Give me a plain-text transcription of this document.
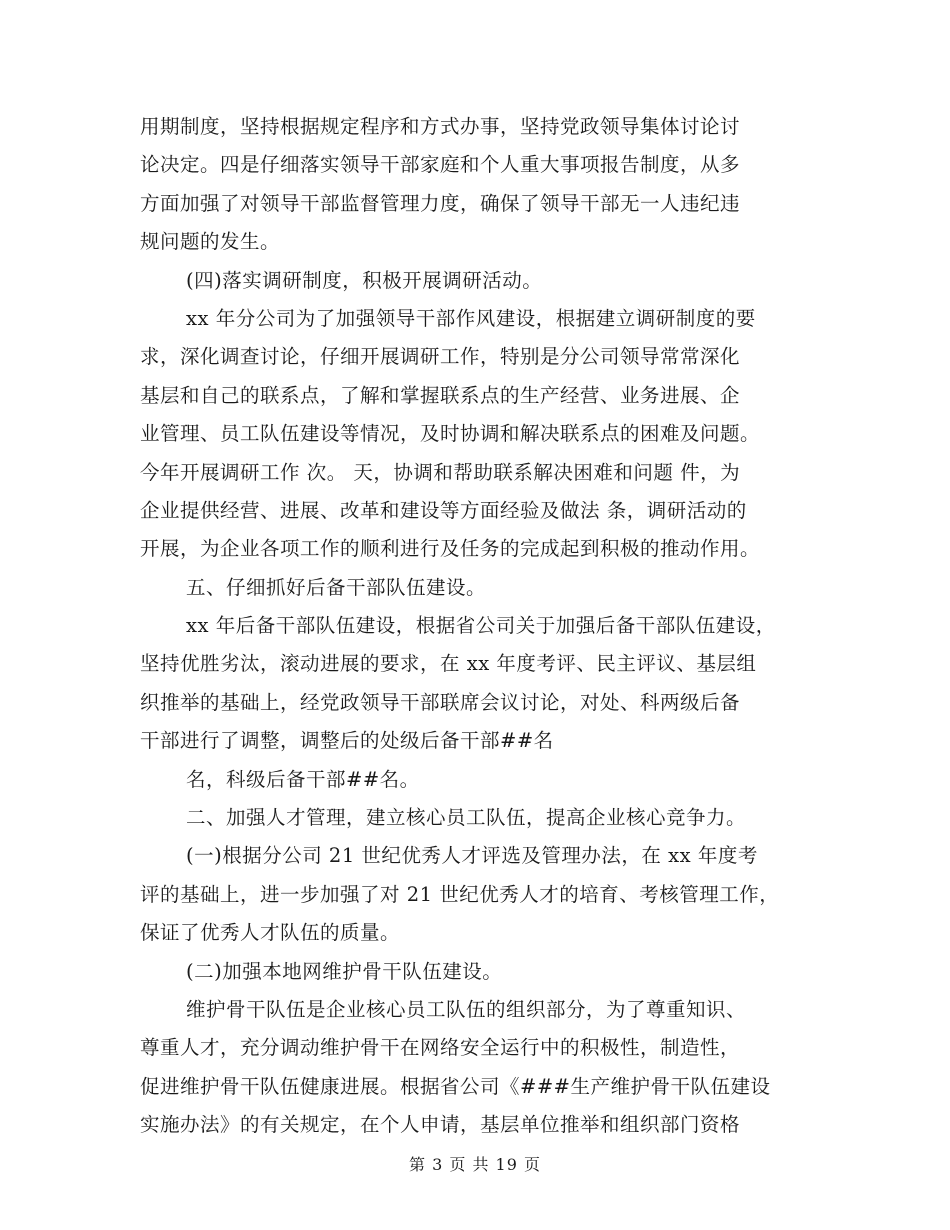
用期制度，坚持根据规定程序和方式办事，坚持党政领导集体讨论讨
论决定。四是仔细落实领导干部家庭和个人重大事项报告制度，从多
方面加强了对领导干部监督管理力度，确保了领导干部无一人违纪违
规问题的发生。
(四)落实调研制度，积极开展调研活动。
xx 年分公司为了加强领导干部作风建设，根据建立调研制度的要
求，深化调查讨论，仔细开展调研工作，特别是分公司领导常常深化
基层和自己的联系点，了解和掌握联系点的生产经营、业务进展、企
业管理、员工队伍建设等情况，及时协调和解决联系点的困难及问题。
今年开展调研工作 次。 天，协调和帮助联系解决困难和问题 件，为
企业提供经营、进展、改革和建设等方面经验及做法 条，调研活动的
开展，为企业各项工作的顺利进行及任务的完成起到积极的推动作用。
五、仔细抓好后备干部队伍建设。
xx 年后备干部队伍建设，根据省公司关于加强后备干部队伍建设，
坚持优胜劣汰，滚动进展的要求，在 xx 年度考评、民主评议、基层组
织推举的基础上，经党政领导干部联席会议讨论，对处、科两级后备
干部进行了调整，调整后的处级后备干部##名
名，科级后备干部##名。
二、加强人才管理，建立核心员工队伍，提高企业核心竞争力。
(一)根据分公司 21 世纪优秀人才评选及管理办法，在 xx 年度考
评的基础上，进一步加强了对 21 世纪优秀人才的培育、考核管理工作，
保证了优秀人才队伍的质量。
(二)加强本地网维护骨干队伍建设。
维护骨干队伍是企业核心员工队伍的组织部分，为了尊重知识、
尊重人才，充分调动维护骨干在网络安全运行中的积极性，制造性，
促进维护骨干队伍健康进展。根据省公司《###生产维护骨干队伍建设
实施办法》的有关规定，在个人申请，基层单位推举和组织部门资格
第 3 页 共 19 页
